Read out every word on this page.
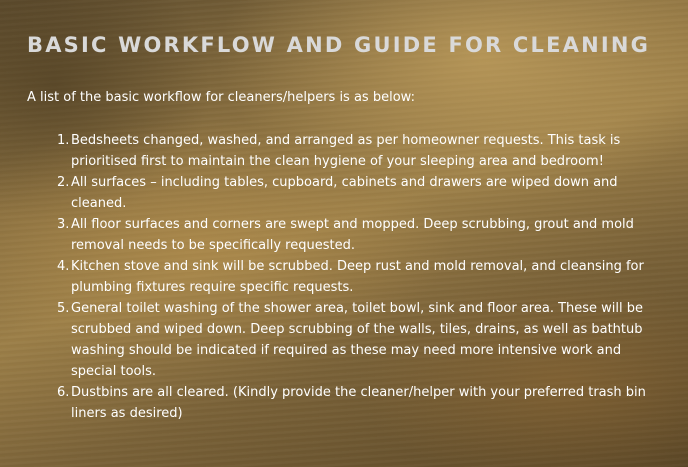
BASIC WORKFLOW AND GUIDE FOR CLEANING

A list of the basic workflow for cleaners/helpers is as below:

1. Bedsheets changed, washed, and arranged as per homeowner requests. This task is prioritised first to maintain the clean hygiene of your sleeping area and bedroom!
2. All surfaces – including tables, cupboard, cabinets and drawers are wiped down and cleaned.
3. All floor surfaces and corners are swept and mopped. Deep scrubbing, grout and mold removal needs to be specifically requested.
4. Kitchen stove and sink will be scrubbed. Deep rust and mold removal, and cleansing for plumbing fixtures require specific requests.
5. General toilet washing of the shower area, toilet bowl, sink and floor area. These will be scrubbed and wiped down. Deep scrubbing of the walls, tiles, drains, as well as bathtub washing should be indicated if required as these may need more intensive work and special tools.
6. Dustbins are all cleared. (Kindly provide the cleaner/helper with your preferred trash bin liners as desired)
